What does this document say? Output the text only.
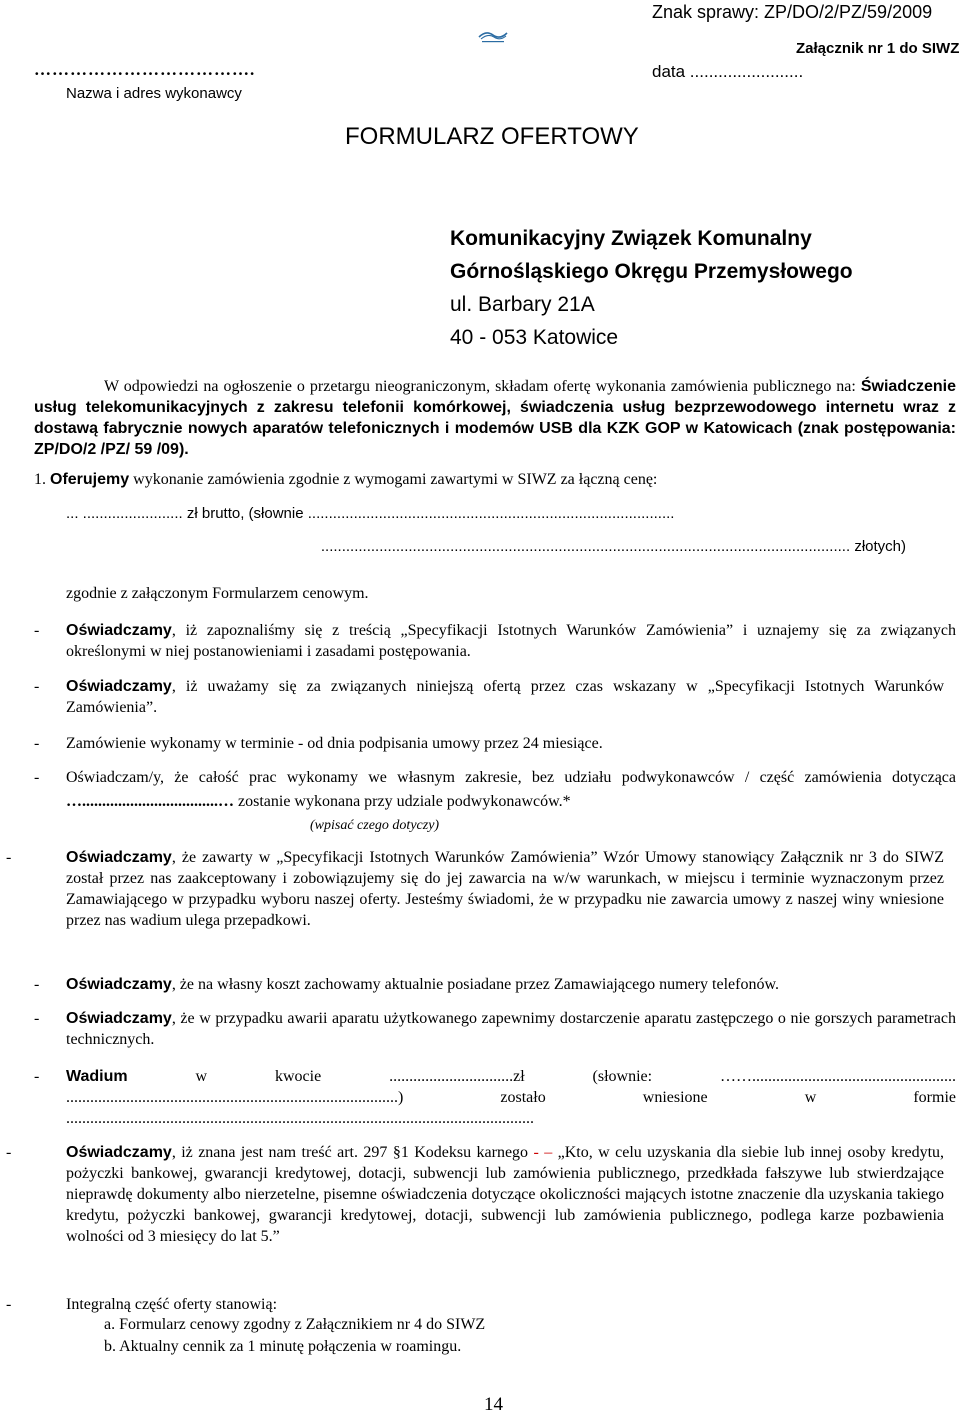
Znak sprawy: ZP/DO/2/PZ/59/2009
Załącznik nr 1 do SIWZ
……………………………….	data ........................
Nazwa i adres wykonawcy
FORMULARZ OFERTOWY
Komunikacyjny Związek Komunalny
Górnośląskiego Okręgu Przemysłowego
ul. Barbary 21A
40 - 053 Katowice
W odpowiedzi na ogłoszenie o przetargu nieograniczonym, składam ofertę wykonania zamówienia publicznego na: Świadczenie usług telekomunikacyjnych z zakresu telefonii komórkowej, świadczenia usług bezprzewodowego internetu wraz z dostawą fabrycznie nowych aparatów telefonicznych i modemów USB dla KZK GOP w Katowicach (znak postępowania: ZP/DO/2 /PZ/ 59 /09).
1. Oferujemy wykonanie zamówienia zgodnie z wymogami zawartymi w SIWZ za łączną cenę:
... ........................ zł brutto, (słownie ........................................................................................
............................................................................................................................... złotych)
zgodnie z załączonym Formularzem cenowym.
- Oświadczamy, iż zapoznaliśmy się z treścią „Specyfikacji Istotnych Warunków Zamówienia” i uznajemy się za związanych określonymi w niej postanowieniami i zasadami postępowania.
- Oświadczamy, iż uważamy się za związanych niniejszą ofertą przez czas wskazany w „Specyfikacji Istotnych Warunków Zamówienia”.
- Zamówienie wykonamy w terminie - od dnia podpisania umowy przez 24 miesiące.
- Oświadczam/y, że całość prac wykonamy we własnym zakresie, bez udziału podwykonawców / część zamówienia dotycząca …..................................… zostanie wykonana przy udziale podwykonawców.*
(wpisać czego dotyczy)
-	Oświadczamy, że zawarty w „Specyfikacji Istotnych Warunków Zamówienia” Wzór Umowy stanowiący Załącznik nr 3 do SIWZ został przez nas zaakceptowany i zobowiązujemy się do jej zawarcia na w/w warunkach, w miejscu i terminie wyznaczonym przez Zamawiającego w przypadku wyboru naszej oferty. Jesteśmy świadomi, że w przypadku nie zawarcia umowy z naszej winy wniesione przez nas wadium ulega przepadkowi.
- Oświadczamy, że na własny koszt zachowamy aktualnie posiadane przez Zamawiającego numery telefonów.
- Oświadczamy, że w przypadku awarii aparatu użytkowanego zapewnimy dostarczenie aparatu zastępczego o nie gorszych parametrach technicznych.
- Wadium w kwocie ...............................zł (słownie: ……...................................................
...................................................................................) zostało wniesione w formie
.....................................................................................................................
-	Oświadczamy, iż znana jest nam treść art. 297 §1 Kodeksu karnego - – „Kto, w celu uzyskania dla siebie lub innej osoby kredytu, pożyczki bankowej, gwarancji kredytowej, dotacji, subwencji lub zamówienia publicznego, przedkłada fałszywe lub stwierdzające nieprawdę dokumenty albo nierzetelne, pisemne oświadczenia dotyczące okoliczności mających istotne znaczenie dla uzyskania takiego kredytu, pożyczki bankowej, gwarancji kredytowej, dotacji, subwencji lub zamówienia publicznego, podlega karze pozbawienia wolności od 3 miesięcy do lat 5.”
-	Integralną część oferty stanowią:
a. Formularz cenowy zgodny z Załącznikiem nr 4 do SIWZ
b. Aktualny cennik za 1 minutę połączenia w roamingu.
14
